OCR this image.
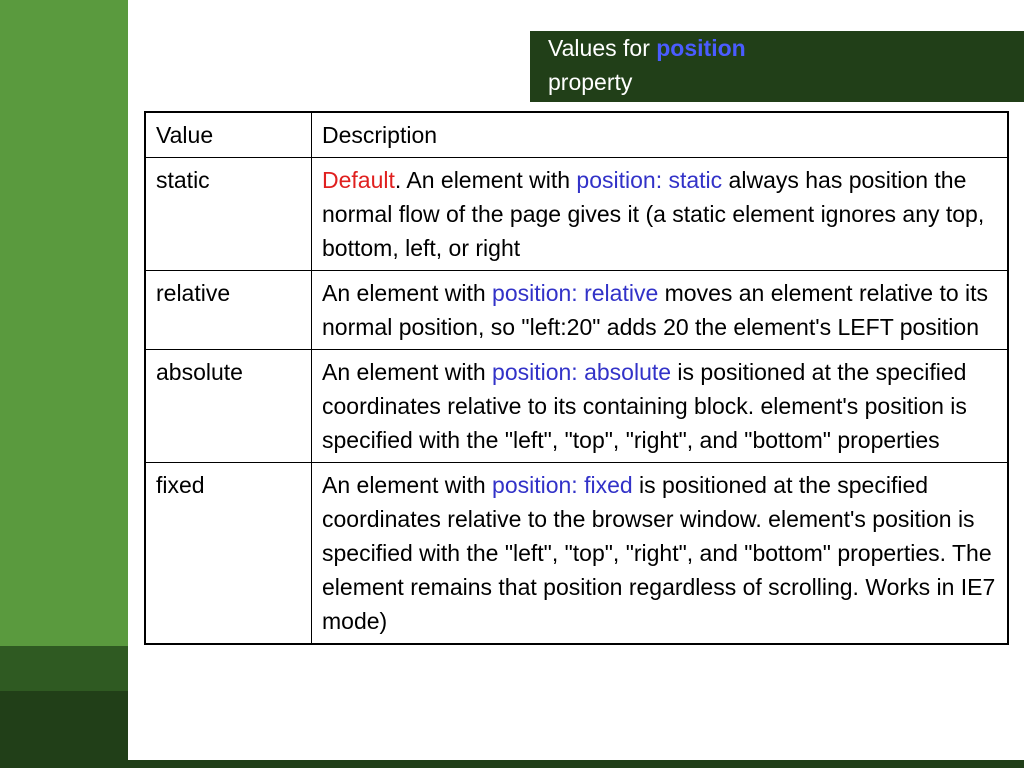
Values for position property
Value	Description
static	Default. An element with position: static always has position the normal flow of the page gives it (a static element ignores any top, bottom, left, or right
relative	An element with position: relative moves an element relative to its normal position, so "left:20" adds 20 the element's LEFT position
absolute	An element with position: absolute is positioned at the specified coordinates relative to its containing block. element's position is specified with the "left", "top", "right", and "bottom" properties
fixed	An element with position: fixed is positioned at the specified coordinates relative to the browser window. element's position is specified with the "left", "top", "right", and "bottom" properties. The element remains that position regardless of scrolling. Works in IE7 mode)
